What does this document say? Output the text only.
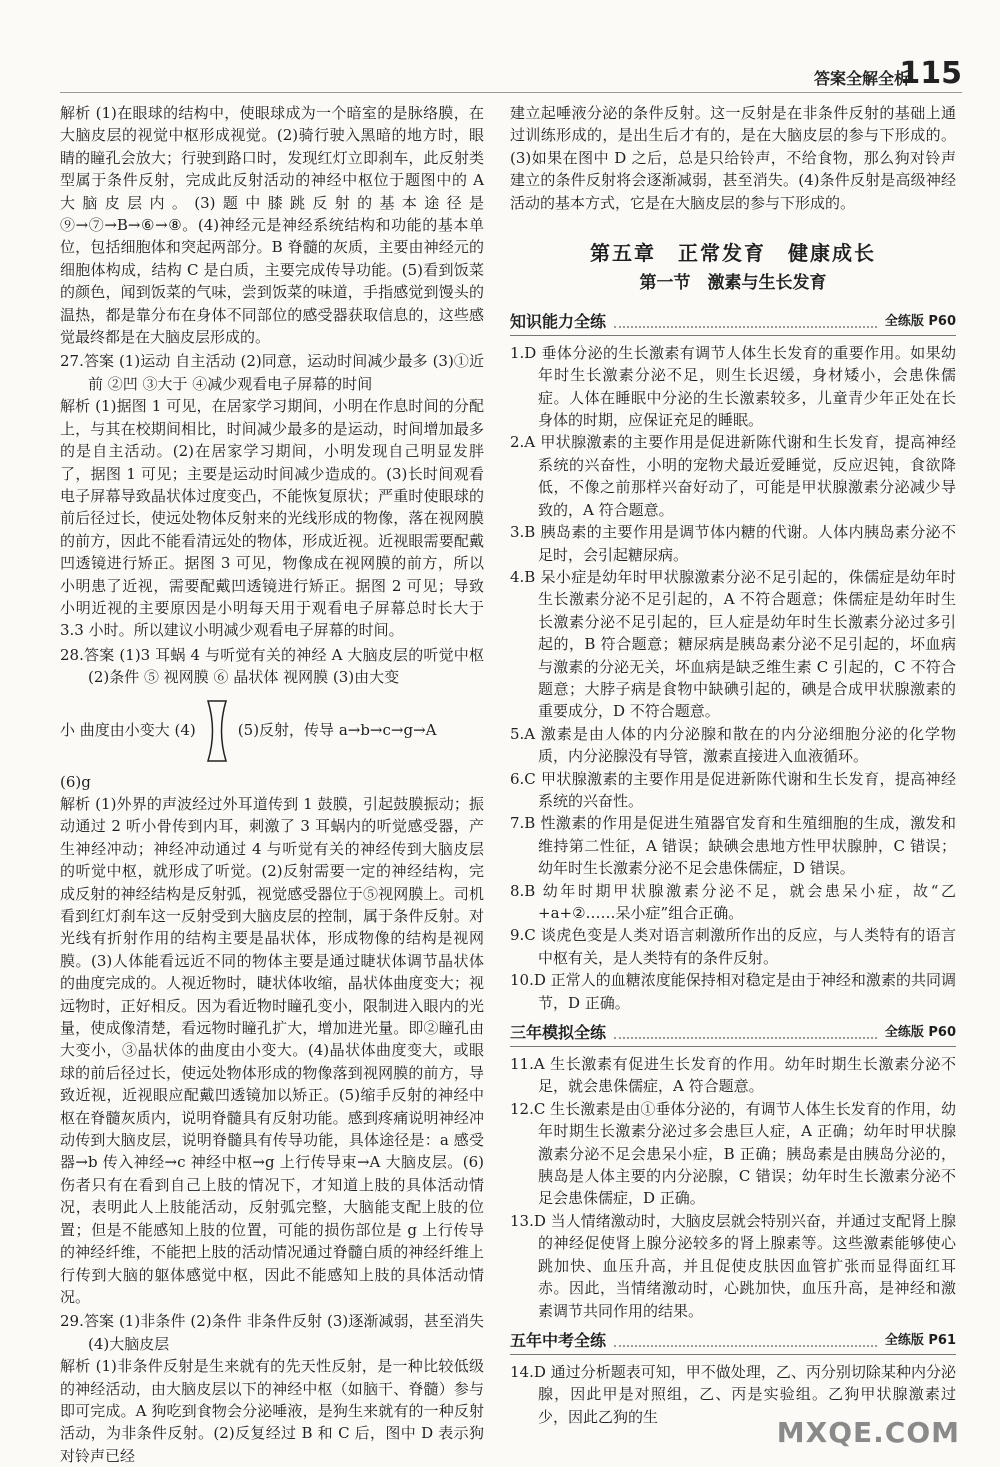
答案全解全析
115

解析 (1)在眼球的结构中，使眼球成为一个暗室的是脉络膜，在大脑皮层的视觉中枢形成视觉。(2)骑行驶入黑暗的地方时，眼睛的瞳孔会放大；行驶到路口时，发现红灯立即刹车，此反射类型属于条件反射，完成此反射活动的神经中枢位于题图中的 A 大脑皮层内。(3)题中膝跳反射的基本途径是⑨→⑦→B→⑥→⑧。(4)神经元是神经系统结构和功能的基本单位，包括细胞体和突起两部分。B 脊髓的灰质，主要由神经元的细胞体构成，结构 C 是白质，主要完成传导功能。(5)看到饭菜的颜色，闻到饭菜的气味，尝到饭菜的味道，手指感觉到馒头的温热，都是靠分布在身体不同部位的感受器获取信息的，这些感觉最终都是在大脑皮层形成的。

27.答案 (1)运动 自主活动 (2)同意，运动时间减少最多 (3)①近 前 ②凹 ③大于 ④减少观看电子屏幕的时间

解析 (1)据图 1 可见，在居家学习期间，小明在作息时间的分配上，与其在校期间相比，时间减少最多的是运动，时间增加最多的是自主活动。(2)在居家学习期间，小明发现自己明显发胖了，据图 1 可见；主要是运动时间减少造成的。(3)长时间观看电子屏幕导致晶状体过度变凸，不能恢复原状；严重时使眼球的前后径过长，使远处物体反射来的光线形成的物像，落在视网膜的前方，因此不能看清远处的物体，形成近视。近视眼需要配戴凹透镜进行矫正。据图 3 可见，物像成在视网膜的前方，所以小明患了近视，需要配戴凹透镜进行矫正。据图 2 可见；导致小明近视的主要原因是小明每天用于观看电子屏幕总时长大于 3.3 小时。所以建议小明减少观看电子屏幕的时间。

28.答案 (1)3 耳蜗 4 与听觉有关的神经 A 大脑皮层的听觉中枢 (2)条件 ⑤ 视网膜 ⑥ 晶状体 视网膜 (3)由大变

小 曲度由小变大 (4)	(5)反射，传导 a→b→c→g→A

(6)g

解析 (1)外界的声波经过外耳道传到 1 鼓膜，引起鼓膜振动；振动通过 2 听小骨传到内耳，刺激了 3 耳蜗内的听觉感受器，产生神经冲动；神经冲动通过 4 与听觉有关的神经传到大脑皮层的听觉中枢，就形成了听觉。(2)反射需要一定的神经结构，完成反射的神经结构是反射弧，视觉感受器位于⑤视网膜上。司机看到红灯刹车这一反射受到大脑皮层的控制，属于条件反射。对光线有折射作用的结构主要是晶状体，形成物像的结构是视网膜。(3)人体能看远近不同的物体主要是通过睫状体调节晶状体的曲度完成的。人视近物时，睫状体收缩，晶状体曲度变大；视远物时，正好相反。因为看近物时瞳孔变小，限制进入眼内的光量，使成像清楚，看远物时瞳孔扩大，增加进光量。即②瞳孔由大变小，③晶状体的曲度由小变大。(4)晶状体曲度变大，或眼球的前后径过长，使远处物体形成的物像落到视网膜的前方，导致近视，近视眼应配戴凹透镜加以矫正。(5)缩手反射的神经中枢在脊髓灰质内，说明脊髓具有反射功能。感到疼痛说明神经冲动传到大脑皮层，说明脊髓具有传导功能，具体途径是：a 感受器→b 传入神经→c 神经中枢→g 上行传导束→A 大脑皮层。(6)伤者只有在看到自己上肢的情况下，才知道上肢的具体活动情况，表明此人上肢能活动，反射弧完整，大脑能支配上肢的位置；但是不能感知上肢的位置，可能的损伤部位是 g 上行传导的神经纤维，不能把上肢的活动情况通过脊髓白质的神经纤维上行传到大脑的躯体感觉中枢，因此不能感知上肢的具体活动情况。

29.答案 (1)非条件 (2)条件 非条件反射 (3)逐渐减弱，甚至消失 (4)大脑皮层

解析 (1)非条件反射是生来就有的先天性反射，是一种比较低级的神经活动，由大脑皮层以下的神经中枢（如脑干、脊髓）参与即可完成。A 狗吃到食物会分泌唾液，是狗生来就有的一种反射活动，为非条件反射。(2)反复经过 B 和 C 后，图中 D 表示狗对铃声已经

建立起唾液分泌的条件反射。这一反射是在非条件反射的基础上通过训练形成的，是出生后才有的，是在大脑皮层的参与下形成的。(3)如果在图中 D 之后，总是只给铃声，不给食物，那么狗对铃声建立的条件反射将会逐渐减弱，甚至消失。(4)条件反射是高级神经活动的基本方式，它是在大脑皮层的参与下形成的。

第五章　正常发育　健康成长
第一节　激素与生长发育
知识能力全练	全练版 P60

1.D 垂体分泌的生长激素有调节人体生长发育的重要作用。如果幼年时生长激素分泌不足，则生长迟缓，身材矮小，会患侏儒症。人体在睡眠中分泌的生长激素较多，儿童青少年正处在长身体的时期，应保证充足的睡眠。

2.A 甲状腺激素的主要作用是促进新陈代谢和生长发育，提高神经系统的兴奋性，小明的宠物犬最近爱睡觉，反应迟钝，食欲降低，不像之前那样兴奋好动了，可能是甲状腺激素分泌减少导致的，A 符合题意。

3.B 胰岛素的主要作用是调节体内糖的代谢。人体内胰岛素分泌不足时，会引起糖尿病。

4.B 呆小症是幼年时甲状腺激素分泌不足引起的，侏儒症是幼年时生长激素分泌不足引起的，A 不符合题意；侏儒症是幼年时生长激素分泌不足引起的，巨人症是幼年时生长激素分泌过多引起的，B 符合题意；糖尿病是胰岛素分泌不足引起的，坏血病与激素的分泌无关，坏血病是缺乏维生素 C 引起的，C 不符合题意；大脖子病是食物中缺碘引起的，碘是合成甲状腺激素的重要成分，D 不符合题意。

5.A 激素是由人体的内分泌腺和散在的内分泌细胞分泌的化学物质，内分泌腺没有导管，激素直接进入血液循环。

6.C 甲状腺激素的主要作用是促进新陈代谢和生长发育，提高神经系统的兴奋性。

7.B 性激素的作用是促进生殖器官发育和生殖细胞的生成，激发和维持第二性征，A 错误；缺碘会患地方性甲状腺肿，C 错误；幼年时生长激素分泌不足会患侏儒症，D 错误。

8.B 幼年时期甲状腺激素分泌不足，就会患呆小症，故“乙+a+②……呆小症”组合正确。

9.C 谈虎色变是人类对语言刺激所作出的反应，与人类特有的语言中枢有关，是人类特有的条件反射。

10.D 正常人的血糖浓度能保持相对稳定是由于神经和激素的共同调节，D 正确。

三年模拟全练	全练版 P60

11.A 生长激素有促进生长发育的作用。幼年时期生长激素分泌不足，就会患侏儒症，A 符合题意。

12.C 生长激素是由①垂体分泌的，有调节人体生长发育的作用，幼年时期生长激素分泌过多会患巨人症，A 正确；幼年时甲状腺激素分泌不足会患呆小症，B 正确；胰岛素是由胰岛分泌的，胰岛是人体主要的内分泌腺，C 错误；幼年时生长激素分泌不足会患侏儒症，D 正确。

13.D 当人情绪激动时，大脑皮层就会特别兴奋，并通过支配肾上腺的神经促使肾上腺分泌较多的肾上腺素等。这些激素能够使心跳加快、血压升高，并且促使皮肤因血管扩张而显得面红耳赤。因此，当情绪激动时，心跳加快，血压升高，是神经和激素调节共同作用的结果。

五年中考全练	全练版 P61

14.D 通过分析题表可知，甲不做处理，乙、丙分别切除某种内分泌腺，因此甲是对照组，乙、丙是实验组。乙狗甲状腺激素过少，因此乙狗的生	MXQE.COM
